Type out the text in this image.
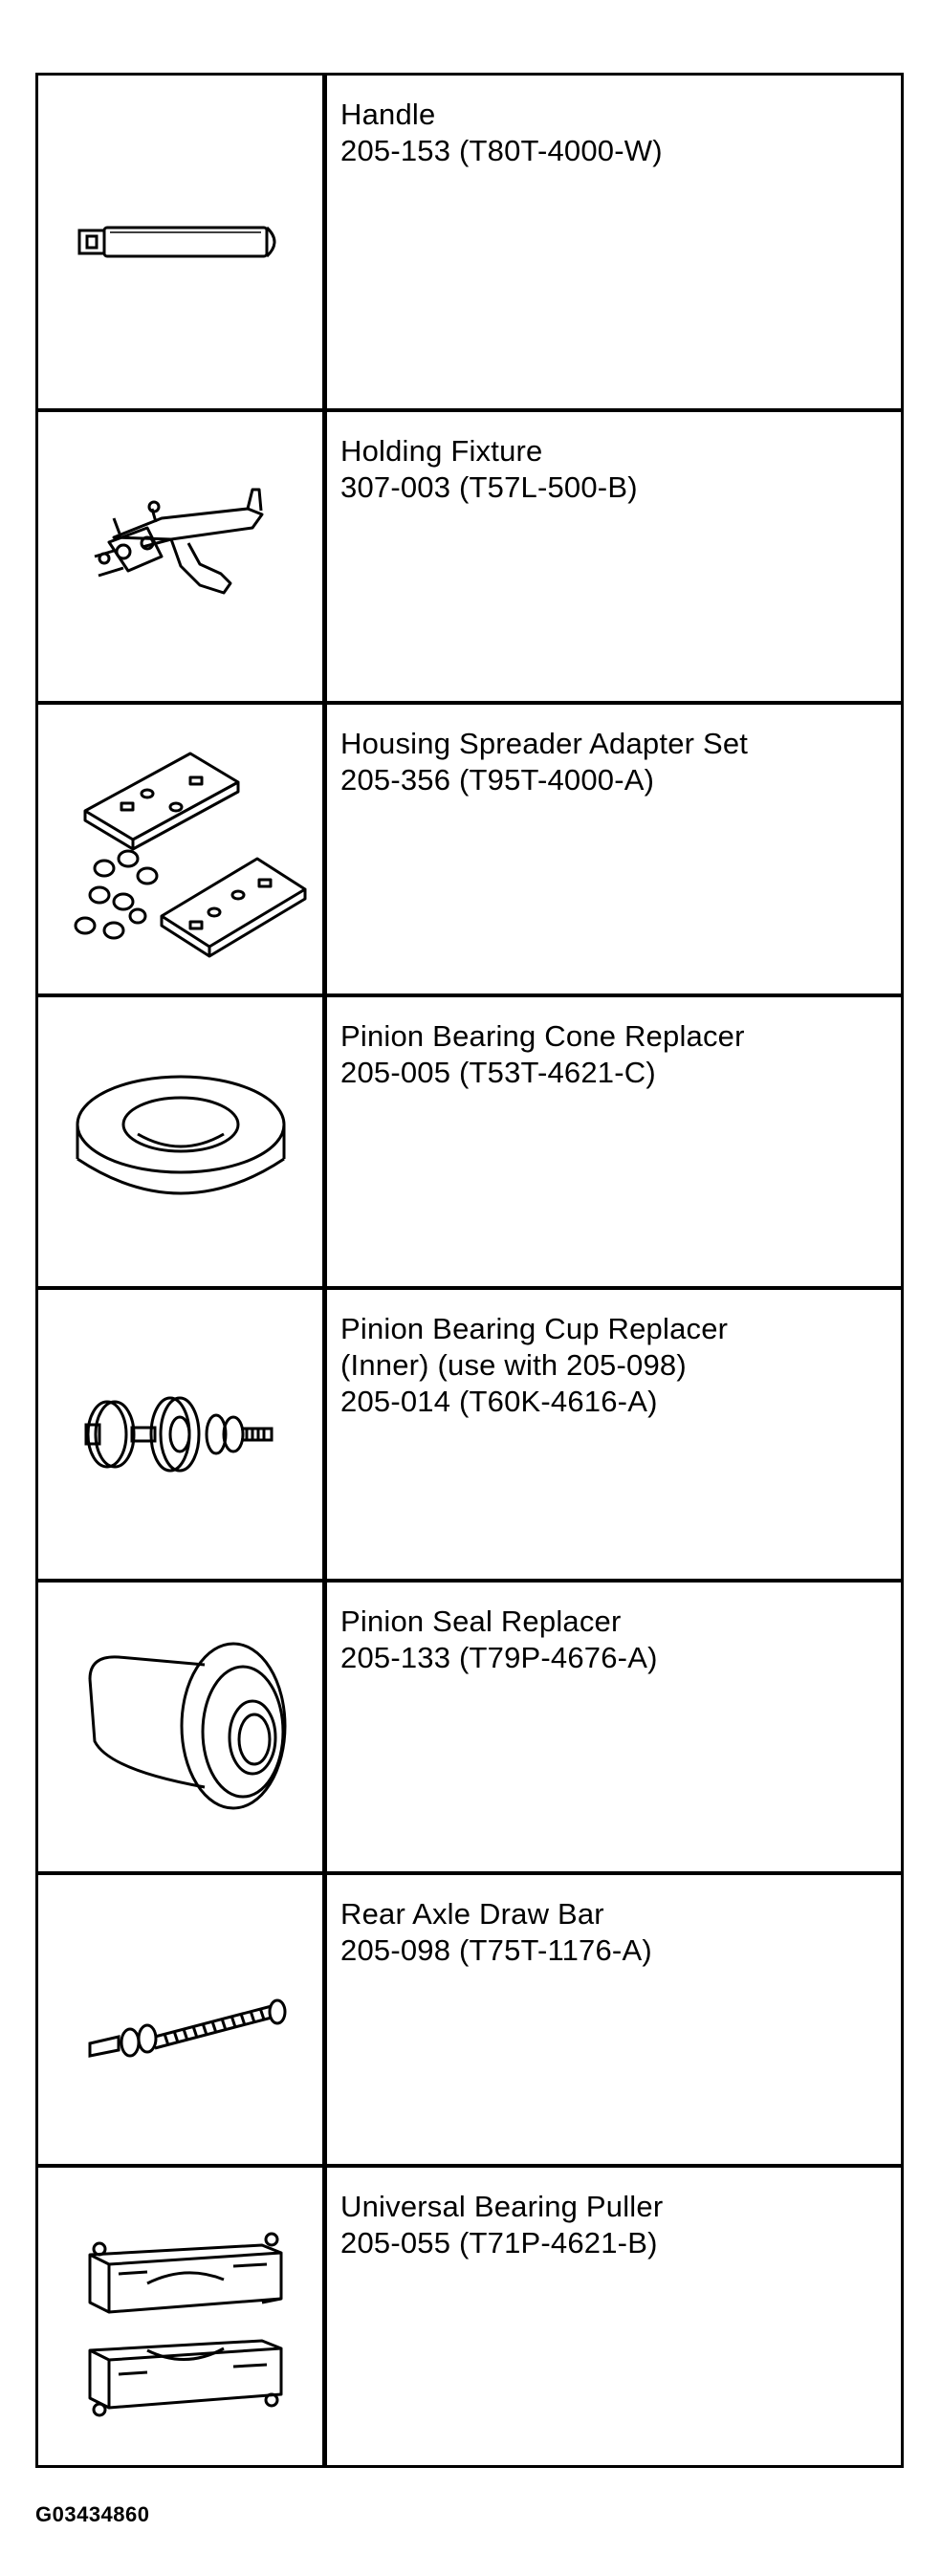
Handle
205-153 (T80T-4000-W)
Holding Fixture
307-003 (T57L-500-B)
Housing Spreader Adapter Set
205-356 (T95T-4000-A)
Pinion Bearing Cone Replacer
205-005 (T53T-4621-C)
Pinion Bearing Cup Replacer
(Inner) (use with 205-098)
205-014 (T60K-4616-A)
Pinion Seal Replacer
205-133 (T79P-4676-A)
Rear Axle Draw Bar
205-098 (T75T-1176-A)
Universal Bearing Puller
205-055 (T71P-4621-B)
G03434860
